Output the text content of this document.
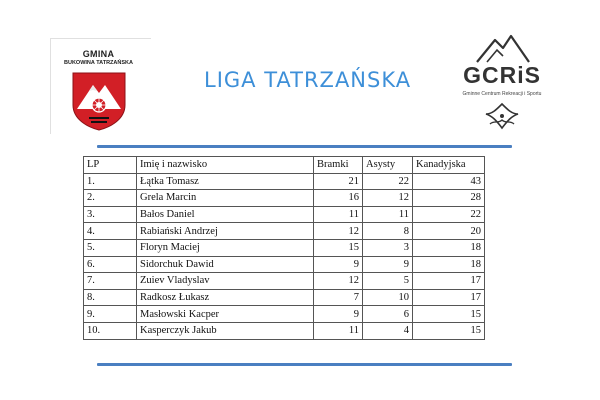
GMINA
BUKOWINA TATRZAŃSKA
LIGA TATRZAŃSKA	GCRiS
Gminne Centrum Rekreacji i Sportu
LP	Imię i nazwisko	Bramki	Asysty	Kanadyjska
1.	Łątka Tomasz	21	22	43
2.	Grela Marcin	16	12	28
3.	Bałos Daniel	11	11	22
4.	Rabiański Andrzej	12	8	20
5.	Floryn Maciej	15	3	18
6.	Sidorchuk Dawid	9	9	18
7.	Zuiev Vladyslav	12	5	17
8.	Radkosz Łukasz	7	10	17
9.	Masłowski Kacper	9	6	15
10.	Kasperczyk Jakub	11	4	15
